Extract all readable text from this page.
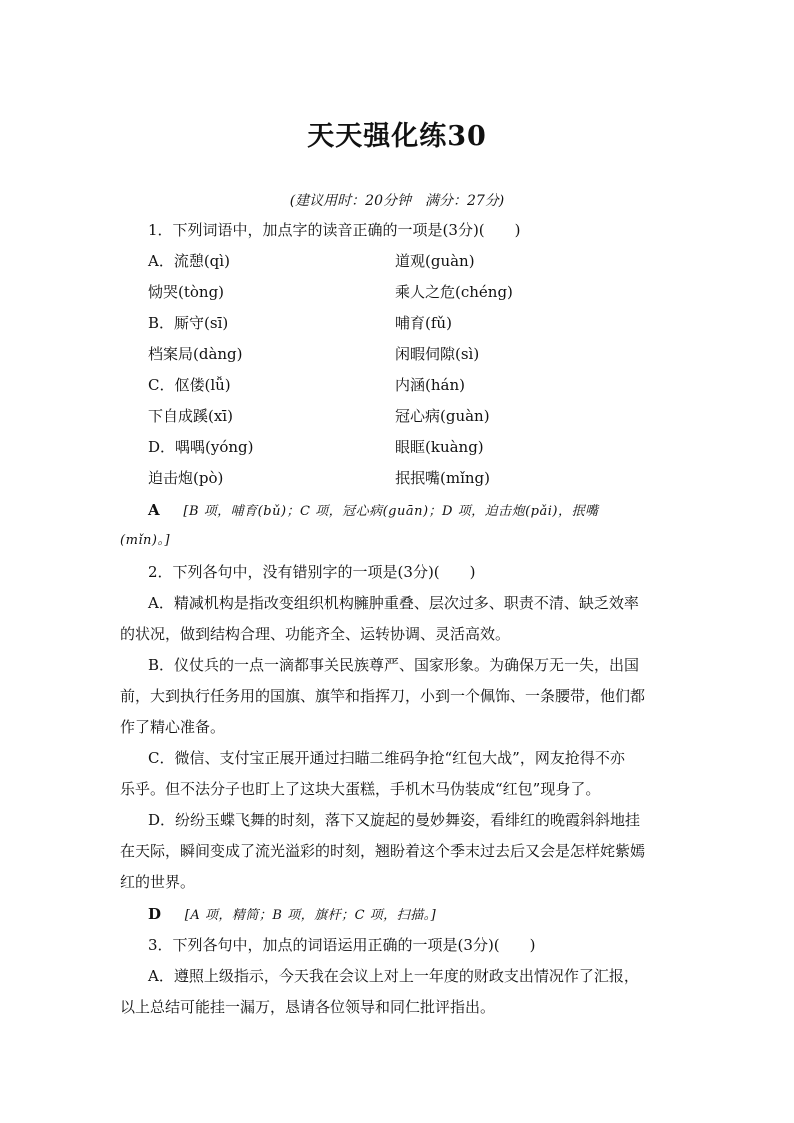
天天强化练30
(建议用时：20分钟　满分：27分)
1．下列词语中，加点字的读音正确的一项是(3分)(　　)
A．流憩(qì)	道观(guàn)
恸哭(tòng)	乘人之危(chéng)
B．厮守(sī)	哺育(fǔ)
档案局(dàng)	闲暇伺隙(sì)
C．伛偻(lǚ)	内涵(hán)
下自成蹊(xī)	冠心病(guàn)
D．喁喁(yóng)	眼眶(kuàng)
迫击炮(pò)	抿抿嘴(mǐng)
A [B 项，哺育(bǔ)；C 项，冠心病(guān)；D 项，迫击炮(pǎi)，抿嘴
(mǐn)。]
2．下列各句中，没有错别字的一项是(3分)(　　)
A．精减机构是指改变组织机构臃肿重叠、层次过多、职责不清、缺乏效率
的状况，做到结构合理、功能齐全、运转协调、灵活高效。
B．仪仗兵的一点一滴都事关民族尊严、国家形象。为确保万无一失，出国
前，大到执行任务用的国旗、旗竿和指挥刀，小到一个佩饰、一条腰带，他们都
作了精心准备。
C．微信、支付宝正展开通过扫瞄二维码争抢“红包大战”，网友抢得不亦
乐乎。但不法分子也盯上了这块大蛋糕，手机木马伪装成“红包”现身了。
D．纷纷玉蝶飞舞的时刻，落下又旋起的曼妙舞姿，看绯红的晚霞斜斜地挂
在天际，瞬间变成了流光溢彩的时刻，翘盼着这个季末过去后又会是怎样姹紫嫣
红的世界。
D [A 项，精简；B 项，旗杆；C 项，扫描。]
3．下列各句中，加点的词语运用正确的一项是(3分)(　　)
A．遵照上级指示，今天我在会议上对上一年度的财政支出情况作了汇报，
以上总结可能挂一漏万，恳请各位领导和同仁批评指出。
